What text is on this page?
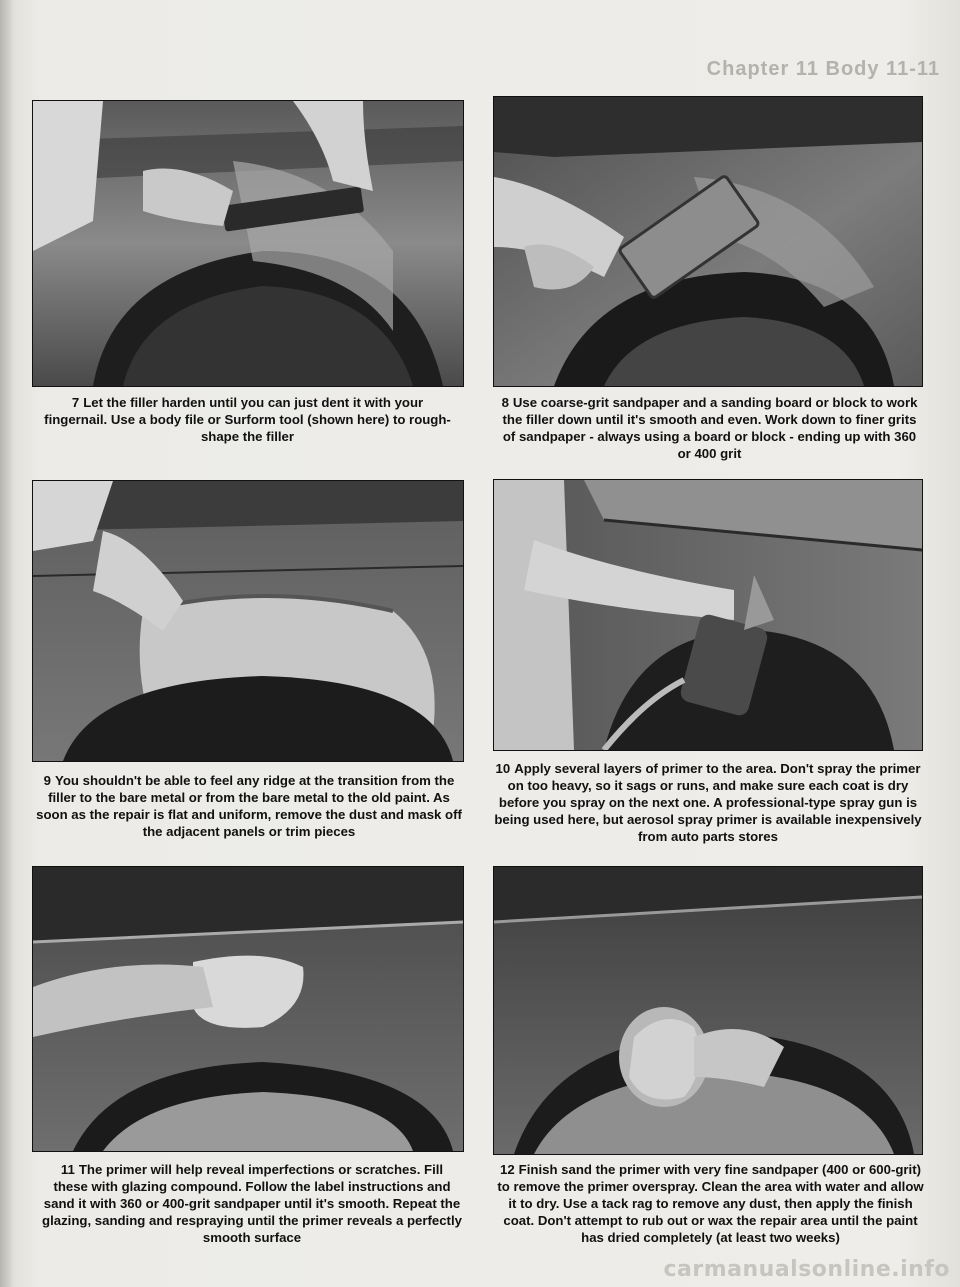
Chapter 11 Body 11-11
7 Let the filler harden until you can just dent it with your fingernail. Use a body file or Surform tool (shown here) to rough-shape the filler
8 Use coarse-grit sandpaper and a sanding board or block to work the filler down until it's smooth and even. Work down to finer grits of sandpaper - always using a board or block - ending up with 360 or 400 grit
9 You shouldn't be able to feel any ridge at the transition from the filler to the bare metal or from the bare metal to the old paint. As soon as the repair is flat and uniform, remove the dust and mask off the adjacent panels or trim pieces
10 Apply several layers of primer to the area. Don't spray the primer on too heavy, so it sags or runs, and make sure each coat is dry before you spray on the next one. A professional-type spray gun is being used here, but aerosol spray primer is available inexpensively from auto parts stores
11 The primer will help reveal imperfections or scratches. Fill these with glazing compound. Follow the label instructions and sand it with 360 or 400-grit sandpaper until it's smooth. Repeat the glazing, sanding and respraying until the primer reveals a perfectly smooth surface
12 Finish sand the primer with very fine sandpaper (400 or 600-grit) to remove the primer overspray. Clean the area with water and allow it to dry. Use a tack rag to remove any dust, then apply the finish coat. Don't attempt to rub out or wax the repair area until the paint has dried completely (at least two weeks)
carmanualsonline.info
